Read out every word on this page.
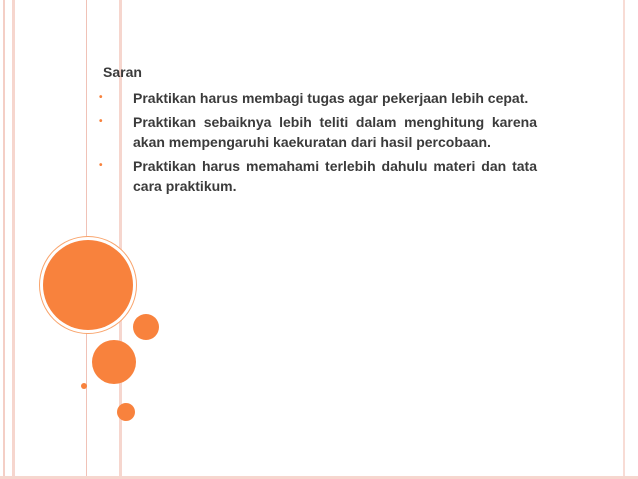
Saran
•	Praktikan harus membagi tugas agar pekerjaan lebih cepat.
•	Praktikan sebaiknya lebih teliti dalam menghitung karena akan mempengaruhi kaekuratan dari hasil percobaan.
•	Praktikan harus memahami terlebih dahulu materi dan tata cara praktikum.
